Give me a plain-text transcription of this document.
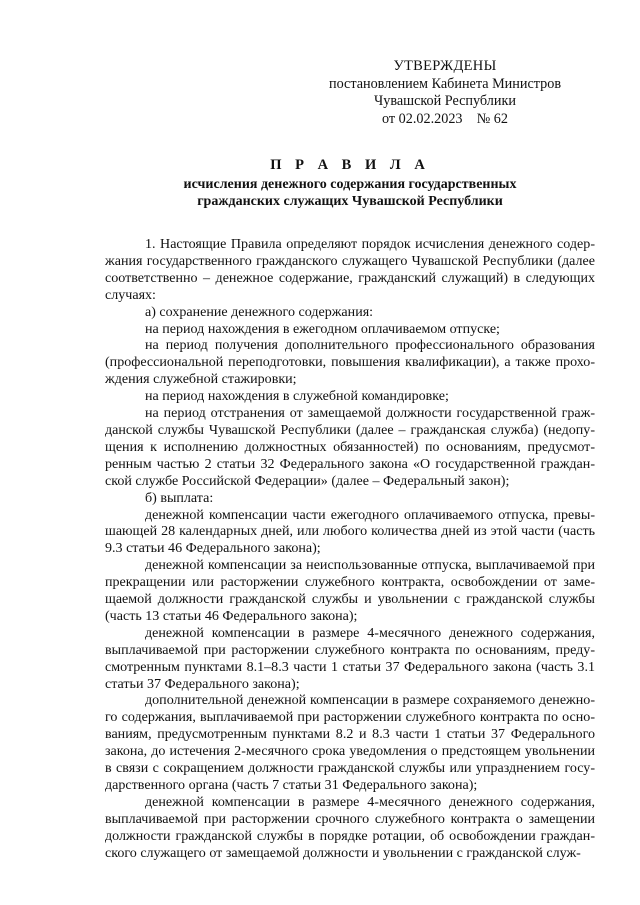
УТВЕРЖДЕНЫ
постановлением Кабинета Министров
Чувашской Республики
от 02.02.2023    № 62
П Р А В И Л А
исчисления денежного содержания государственных
гражданских служащих Чувашской Республики

1. Настоящие Правила определяют порядок исчисления денежного содержания государственного гражданского служащего Чувашской Республики (далее соответственно – денежное содержание, гражданский служащий) в следующих случаях:

а) сохранение денежного содержания:

на период нахождения в ежегодном оплачиваемом отпуске;

на период получения дополнительного профессионального образования (профессиональной переподготовки, повышения квалификации), а также прохождения служебной стажировки;

на период нахождения в служебной командировке;

на период отстранения от замещаемой должности государственной гражданской службы Чувашской Республики (далее – гражданская служба) (недопущения к исполнению должностных обязанностей) по основаниям, предусмотренным частью 2 статьи 32 Федерального закона «О государственной гражданской службе Российской Федерации» (далее – Федеральный закон);

б) выплата:

денежной компенсации части ежегодного оплачиваемого отпуска, превышающей 28 календарных дней, или любого количества дней из этой части (часть 9.3 статьи 46 Федерального закона);

денежной компенсации за неиспользованные отпуска, выплачиваемой при прекращении или расторжении служебного контракта, освобождении от замещаемой должности гражданской службы и увольнении с гражданской службы (часть 13 статьи 46 Федерального закона);

денежной компенсации в размере 4-месячного денежного содержания, выплачиваемой при расторжении служебного контракта по основаниям, предусмотренным пунктами 8.1–8.3 части 1 статьи 37 Федерального закона (часть 3.1 статьи 37 Федерального закона);

дополнительной денежной компенсации в размере сохраняемого денежного содержания, выплачиваемой при расторжении служебного контракта по основаниям, предусмотренным пунктами 8.2 и 8.3 части 1 статьи 37 Федерального закона, до истечения 2-месячного срока уведомления о предстоящем увольнении в связи с сокращением должности гражданской службы или упразднением государственного органа (часть 7 статьи 31 Федерального закона);

денежной компенсации в размере 4-месячного денежного содержания, выплачиваемой при расторжении срочного служебного контракта о замещении должности гражданской службы в порядке ротации, об освобождении гражданского служащего от замещаемой должности и увольнении с гражданской служ-
